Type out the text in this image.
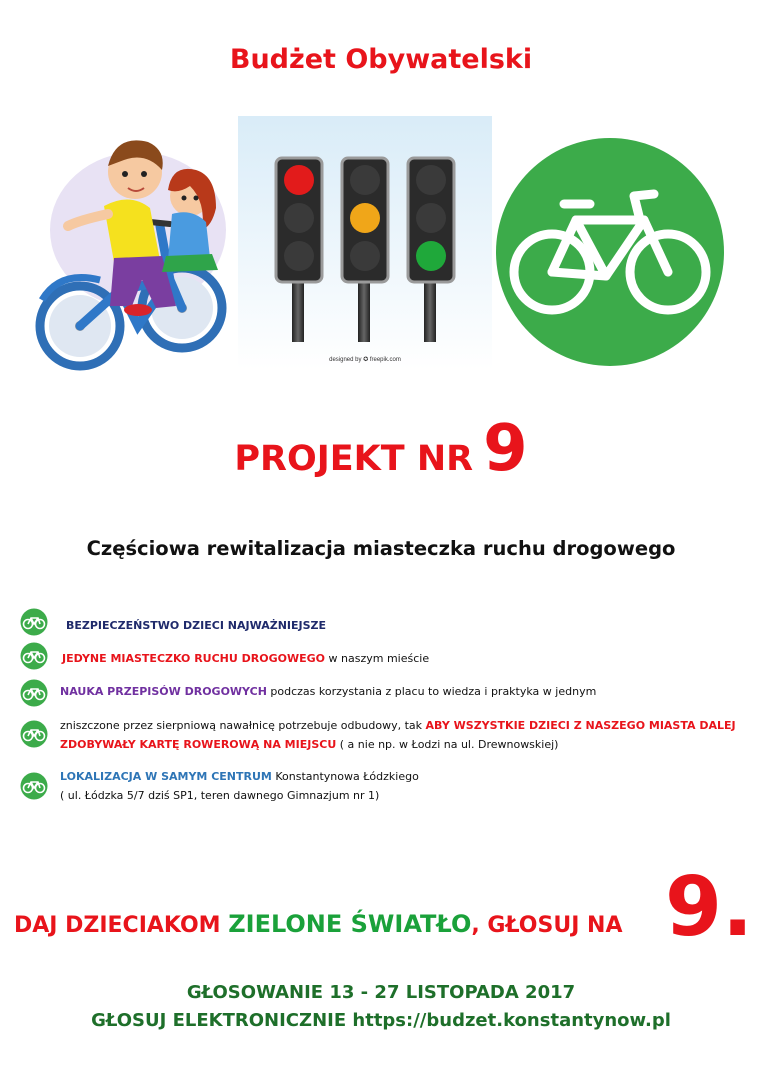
Budżet Obywatelski
designed by ✪ freepik.com
PROJEKT NR 9
Częściowa rewitalizacja miasteczka ruchu drogowego
BEZPIECZEŃSTWO DZIECI NAJWAŻNIEJSZE
JEDYNE MIASTECZKO RUCHU DROGOWEGO w naszym mieście
NAUKA PRZEPISÓW DROGOWYCH podczas korzystania z placu to wiedza i praktyka w jednym
zniszczone przez sierpniową nawałnicę potrzebuje odbudowy, tak ABY WSZYSTKIE DZIECI Z NASZEGO MIASTA DALEJ
ZDOBYWAŁY KARTĘ ROWEROWĄ NA MIEJSCU ( a nie np. w Łodzi na ul. Drewnowskiej)
LOKALIZACJA W SAMYM CENTRUM Konstantynowa Łódzkiego
( ul. Łódzka 5/7 dziś SP1, teren dawnego Gimnazjum nr 1)
DAJ DZIECIAKOM ZIELONE ŚWIATŁO, GŁOSUJ NA 9.
GŁOSOWANIE 13 - 27 LISTOPADA 2017
GŁOSUJ ELEKTRONICZNIE https://budzet.konstantynow.pl
